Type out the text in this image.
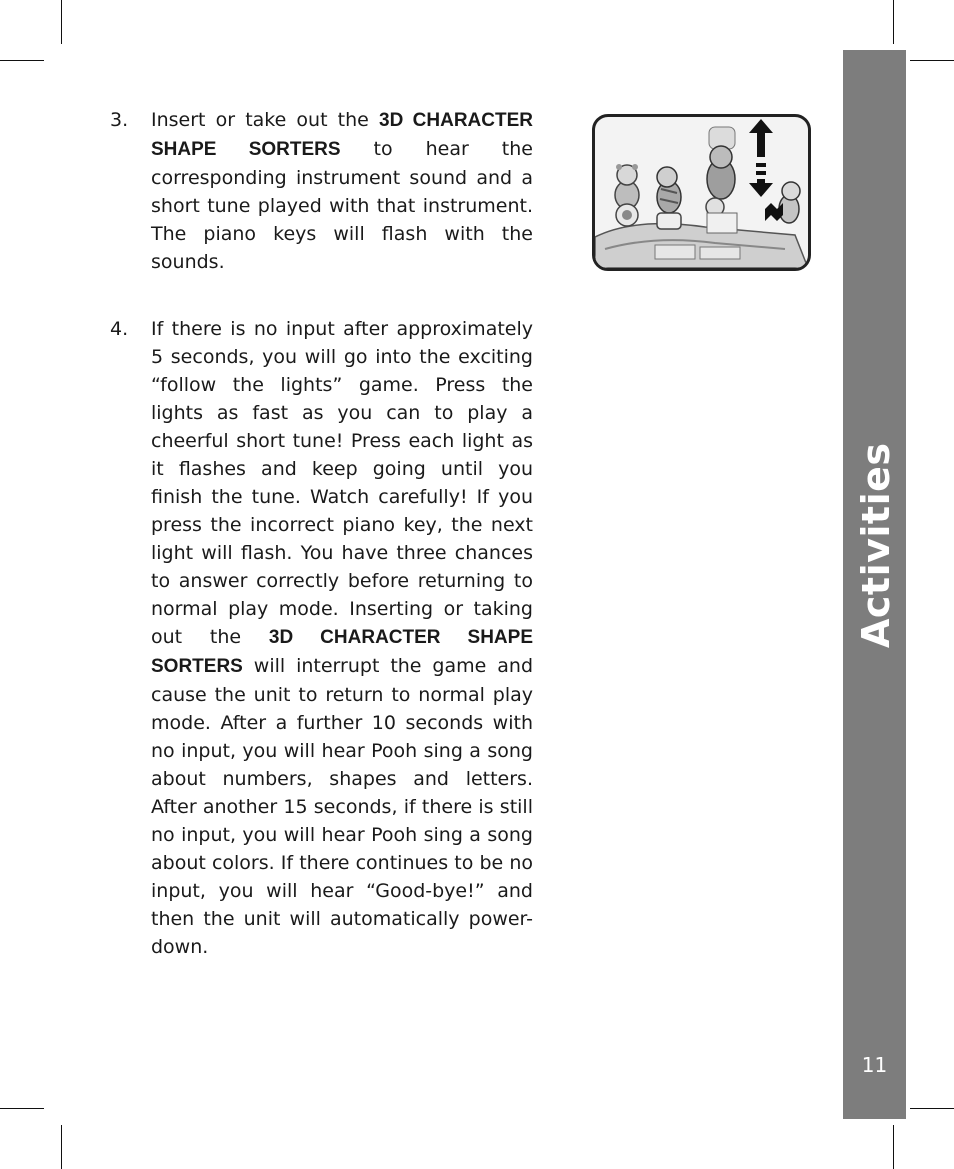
Activities
11
3. Insert or take out the 3D CHARACTER SHAPE SORTERS to hear the corresponding instrument sound and a short tune played with that instrument. The piano keys will flash with the sounds.
4. If there is no input after approximately 5 seconds, you will go into the exciting “follow the lights” game. Press the lights as fast as you can to play a cheerful short tune! Press each light as it flashes and keep going until you finish the tune. Watch carefully! If you press the incorrect piano key, the next light will flash. You have three chances to answer correctly before returning to normal play mode. Inserting or taking out the 3D CHARACTER SHAPE SORTERS will interrupt the game and cause the unit to return to normal play mode. After a further 10 seconds with no input, you will hear Pooh sing a song about numbers, shapes and letters. After another 15 seconds, if there is still no input, you will hear Pooh sing a song about colors. If there continues to be no input, you will hear “Good-bye!” and then the unit will automatically power-down.
